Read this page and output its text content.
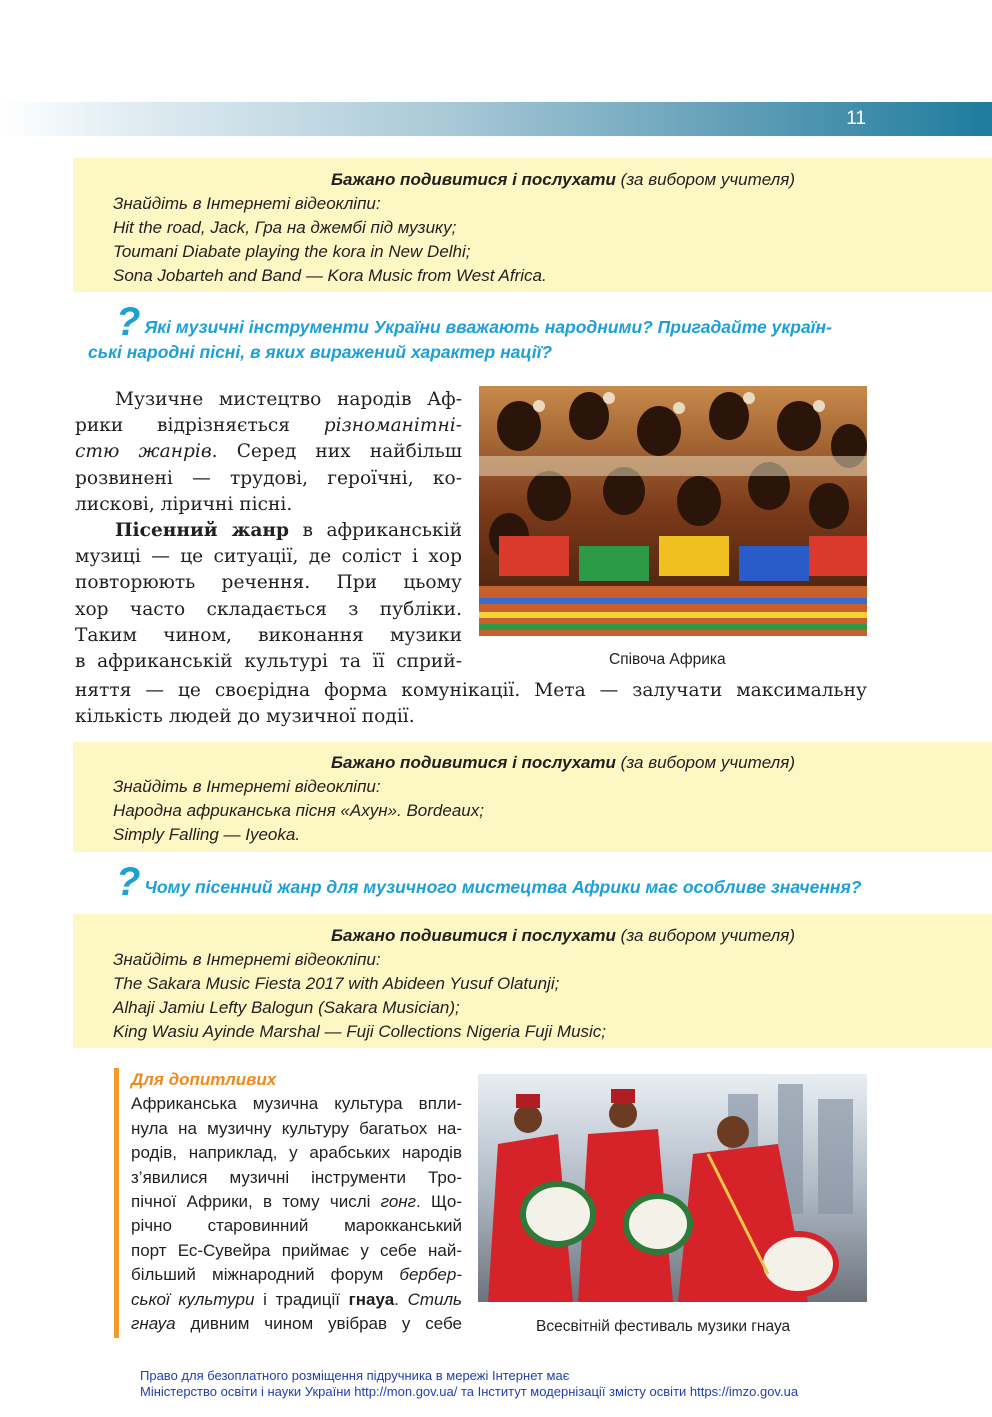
11
Бажано подивитися і послухати (за вибором учителя)
Знайдіть в Інтернеті відеокліпи:
Hit the road, Jack, Гра на джембі під музику;
Toumani Diabate playing the kora in New Delhi;
Sona Jobarteh and Band — Kora Music from West Africa.
? Які музичні інструменти України вважають народними? Пригадайте україн-
ські народні пісні, в яких виражений характер нації?
Музичне мистецтво народів Аф-
рики відрізняється різноманітні-
стю жанрів. Серед них найбільш
розвинені — трудові, героїчні, ко-
лискові, ліричні пісні.
Пісенний жанр в африканській
музиці — це ситуації, де соліст і хор
повторюють речення. При цьому
хор часто складається з публіки.
Таким чином, виконання музики
в африканській культурі та її сприй-
няття — це своєрідна форма комунікації. Мета — залучати максимальну
кількість людей до музичної події.
Співоча Африка
Бажано подивитися і послухати (за вибором учителя)
Знайдіть в Інтернеті відеокліпи:
Народна африканська пісня «Ахун». Bordeaux;
Simply Falling — Iyeoka.
? Чому пісенний жанр для музичного мистецтва Африки має особливе значення?
Бажано подивитися і послухати (за вибором учителя)
Знайдіть в Інтернеті відеокліпи:
The Sakara Music Fiesta 2017 with Abideen Yusuf Olatunji;
Alhaji Jamiu Lefty Balogun (Sakara Musician);
King Wasiu Ayinde Marshal — Fuji Collections Nigeria Fuji Music;
Для допитливих
Африканська музична культура впли-
нула на музичну культуру багатьох на-
родів, наприклад, у арабських народів
з’явилися музичні інструменти Тро-
пічної Африки, в тому числі гонг. Що-
річно старовинний марокканський
порт Ес-Сувейра приймає у себе най-
більший міжнародний форум бербер-
ської культури і традиції гнауа. Стиль
гнауа дивним чином увібрав у себе	Всесвітній фестиваль музики гнауа
Право для безоплатного розміщення підручника в мережі Інтернет має
Міністерство освіти і науки України http://mon.gov.ua/ та Інститут модернізації змісту освіти https://imzo.gov.ua
